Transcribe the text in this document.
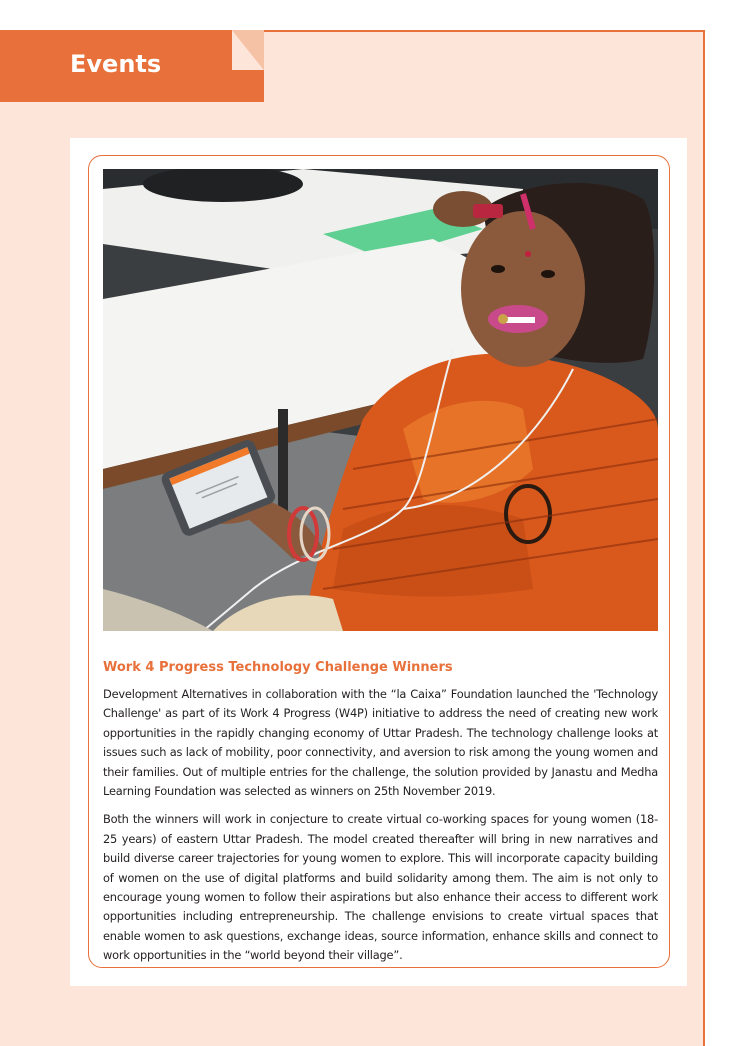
Events
Work 4 Progress Technology Challenge Winners

Development Alternatives in collaboration with the “la Caixa” Foundation launched the 'Technology Challenge' as part of its Work 4 Progress (W4P) initiative to address the need of creating new work opportunities in the rapidly changing economy of Uttar Pradesh. The technology challenge looks at issues such as lack of mobility, poor connectivity, and aversion to risk among the young women and their families. Out of multiple entries for the challenge, the solution provided by Janastu and Medha Learning Foundation was selected as winners on 25th November 2019.

Both the winners will work in conjecture to create virtual co-working spaces for young women (18- 25 years) of eastern Uttar Pradesh. The model created thereafter will bring in new narratives and build diverse career trajectories for young women to explore. This will incorporate capacity building of women on the use of digital platforms and build solidarity among them. The aim is not only to encourage young women to follow their aspirations but also enhance their access to different work opportunities including entrepreneurship. The challenge envisions to create virtual spaces that enable women to ask questions, exchange ideas, source information, enhance skills and connect to work opportunities in the “world beyond their village”.
